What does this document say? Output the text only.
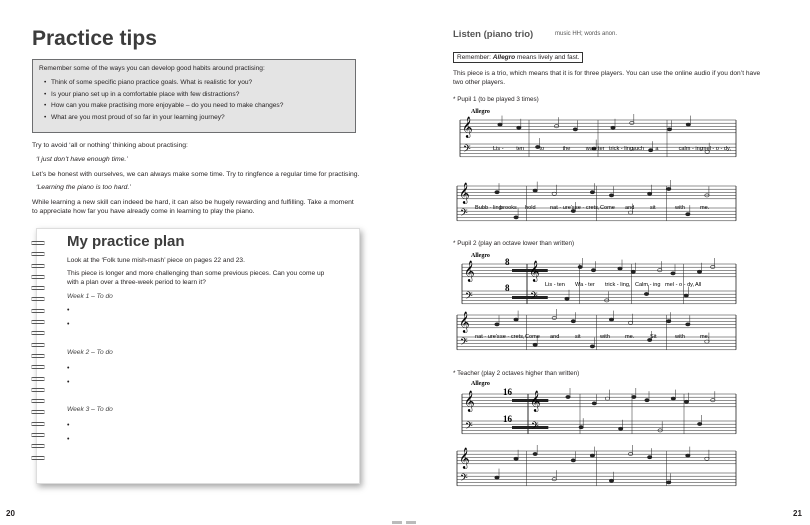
Practice tips
Remember some of the ways you can develop good habits around practising:
• Think of some specific piano practice goals. What is realistic for you?
• Is your piano set up in a comfortable place with few distractions?
• How can you make practising more enjoyable – do you need to make changes?
• What are you most proud of so far in your learning journey?
Try to avoid ‘all or nothing’ thinking about practising:
‘I just don’t have enough time.’
Let’s be honest with ourselves, we can always make some time. Try to ringfence a regular time for practising.
‘Learning the piano is too hard.’
While learning a new skill can indeed be hard, it can also be hugely rewarding and fulfilling. Take a moment
to appreciate how far you have already come in learning to play the piano.
My practice plan
Look at the ‘Folk tune mish-mash’ piece on pages 22 and 23.
This piece is longer and more challenging than some previous pieces. Can you come up
with a plan over a three-week period to learn it?
Week 1 – To do
•
•
Week 2 – To do
•
•
Week 3 – To do
•
•
20
Listen (piano trio)	music HH; words anon.
Remember: Allegro means lively and fast.
This piece is a trio, which means that it is for three players. You can use the online audio if you don’t have
two other players.
* Pupil 1 (to be played 3 times)
* Pupil 2 (play an octave lower than written)
* Teacher (play 2 octaves higher than written)
𝄞
𝄢
𝄞
𝄢
𝄞
𝄢
𝄞
𝄢
𝄞
𝄢
𝄞
𝄢
𝄞
𝄢
𝄞
𝄢
Allegro
Allegro
Allegro
8
8
16
16
Lis - ten	to	the	wa - ter trick - ling,
such a	calm - ing
mel - o - dy,
Bubb - ling
brooks hold	nat - ure's se - crets, Come and	sit	with	me.
Lis - ten Wa - ter trick - ling, Calm - ing mel - o - dy, All
nat - ure's se - crets, Come and	sit	with	me.	Sit	with	me.
21
